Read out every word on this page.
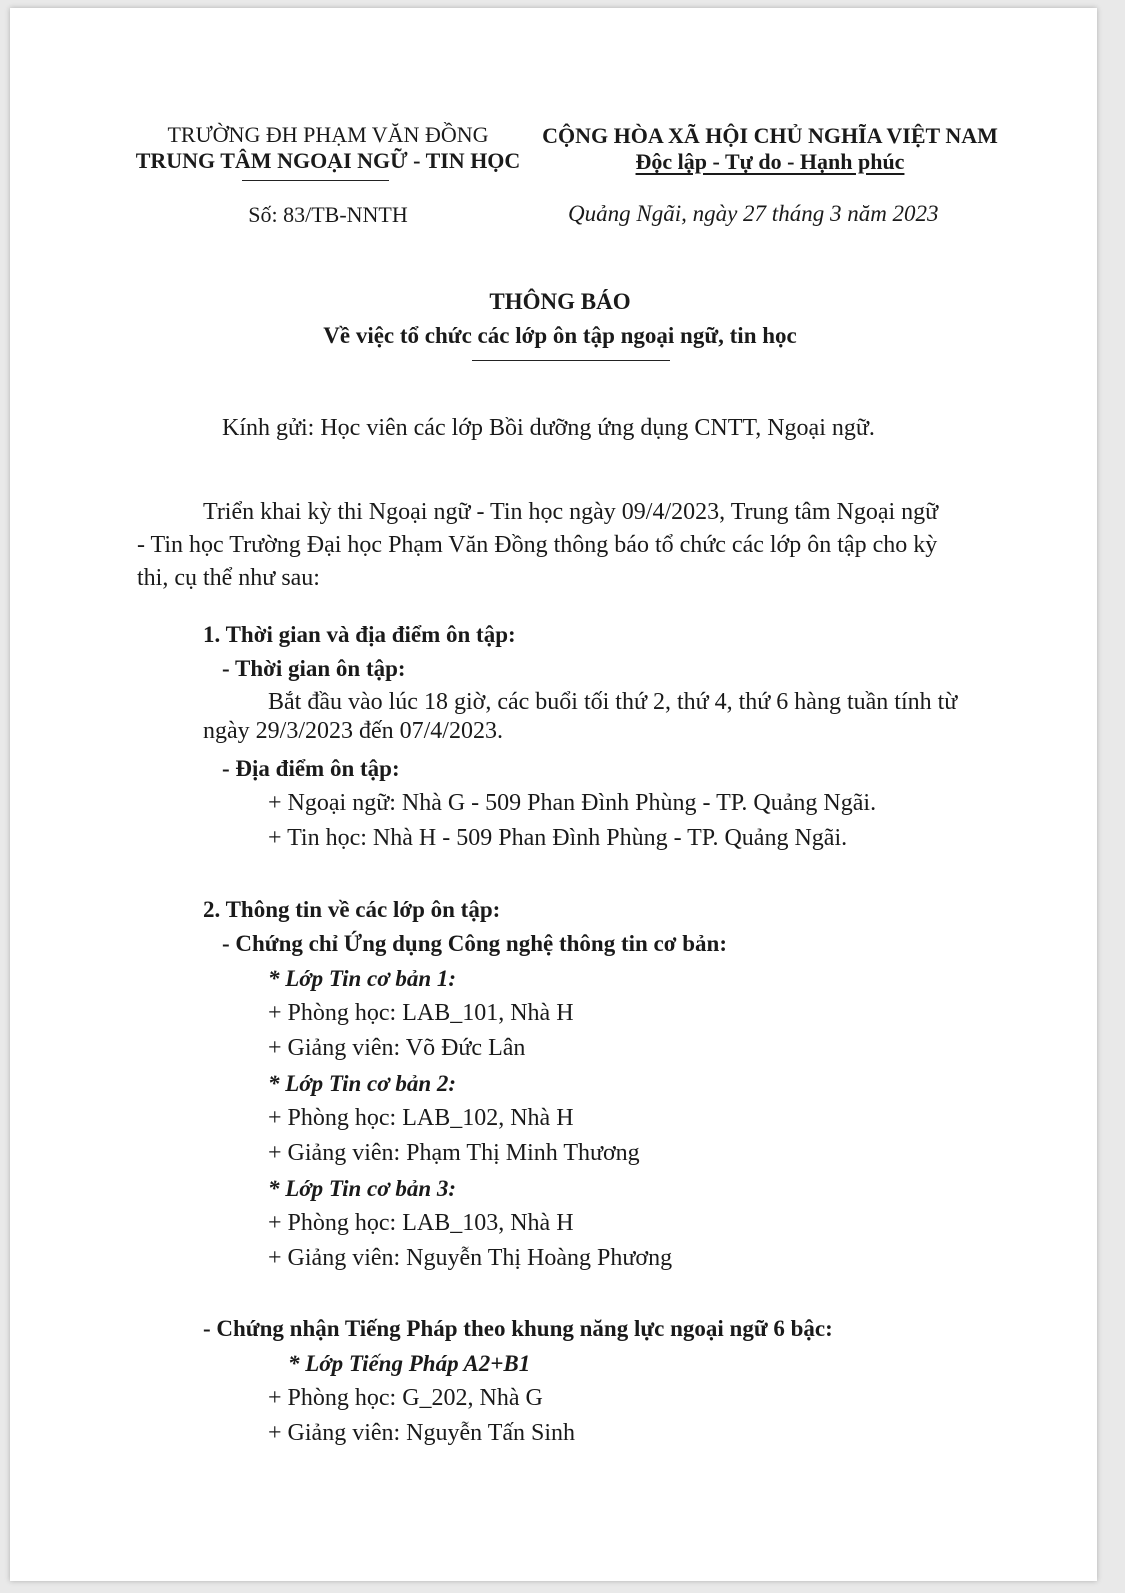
TRƯỜNG ĐH PHẠM VĂN ĐỒNG
TRUNG TÂM NGOẠI NGỮ - TIN HỌC
Số: 83/TB-NNTH
CỘNG HÒA XÃ HỘI CHỦ NGHĨA VIỆT NAM
Độc lập - Tự do - Hạnh phúc
Quảng Ngãi, ngày 27 tháng 3 năm 2023
THÔNG BÁO
Về việc tổ chức các lớp ôn tập ngoại ngữ, tin học
Kính gửi: Học viên các lớp Bồi dưỡng ứng dụng CNTT, Ngoại ngữ.
Triển khai kỳ thi Ngoại ngữ - Tin học ngày 09/4/2023, Trung tâm Ngoại ngữ
- Tin học Trường Đại học Phạm Văn Đồng thông báo tổ chức các lớp ôn tập cho kỳ
thi, cụ thể như sau:
1. Thời gian và địa điểm ôn tập:
- Thời gian ôn tập:
Bắt đầu vào lúc 18 giờ, các buổi tối thứ 2, thứ 4, thứ 6 hàng tuần tính từ
ngày 29/3/2023 đến 07/4/2023.
- Địa điểm ôn tập:
+ Ngoại ngữ: Nhà G - 509 Phan Đình Phùng - TP. Quảng Ngãi.
+ Tin học: Nhà H - 509 Phan Đình Phùng - TP. Quảng Ngãi.
2. Thông tin về các lớp ôn tập:
- Chứng chỉ Ứng dụng Công nghệ thông tin cơ bản:
* Lớp Tin cơ bản 1:
+ Phòng học: LAB_101, Nhà H
+ Giảng viên: Võ Đức Lân
* Lớp Tin cơ bản 2:
+ Phòng học: LAB_102, Nhà H
+ Giảng viên: Phạm Thị Minh Thương
* Lớp Tin cơ bản 3:
+ Phòng học: LAB_103, Nhà H
+ Giảng viên: Nguyễn Thị Hoàng Phương
- Chứng nhận Tiếng Pháp theo khung năng lực ngoại ngữ 6 bậc:
* Lớp Tiếng Pháp A2+B1
+ Phòng học: G_202, Nhà G
+ Giảng viên: Nguyễn Tấn Sinh
